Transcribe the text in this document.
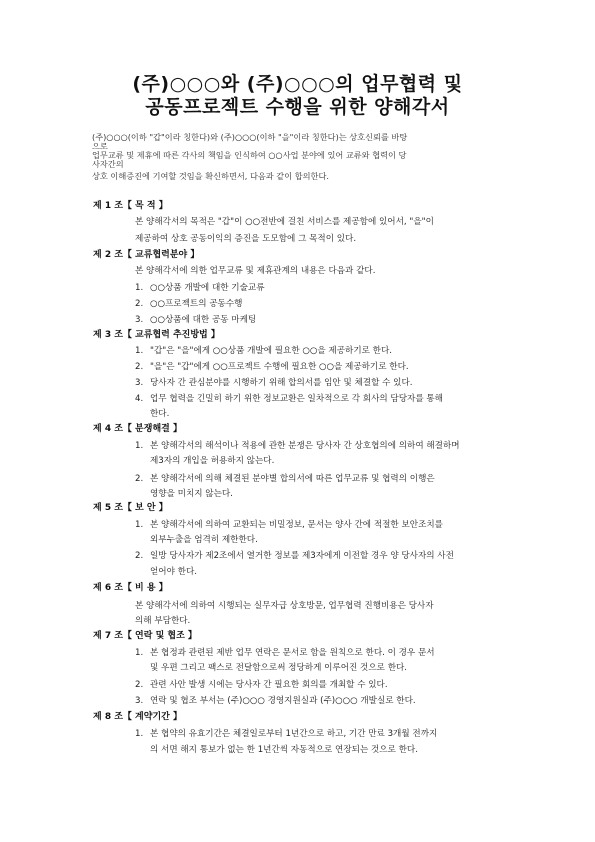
(주)○○○와 (주)○○○의 업무협력 및
공동프로젝트 수행을 위한 양해각서
(주)○○○(이하 "갑"이라 칭한다)와 (주)○○○(이하 "을"이라 칭한다)는 상호신뢰를 바탕
으로
업무교류 및 제휴에 따른 각사의 책임을 인식하여 ○○사업 분야에 있어 교류와 협력이 당
사자간의
상호 이해증진에 기여할 것임을 확신하면서, 다음과 같이 합의한다.
제 1 조【 목 적 】
본 양해각서의 목적은 "갑"이 ○○전반에 걸친 서비스를 제공함에 있어서, "을"이
제공하여 상호 공동이익의 증진을 도모함에 그 목적이 있다.
제 2 조【 교류협력분야 】
본 양해각서에 의한 업무교류 및 제휴관계의 내용은 다음과 같다.
1. ○○상품 개발에 대한 기술교류
2. ○○프로젝트의 공동수행
3. ○○상품에 대한 공동 마케팅
제 3 조【 교류협력 추진방법 】
1. "갑"은 "을"에게 ○○상품 개발에 필요한 ○○을 제공하기로 한다.
2. "을"은 "갑"에게 ○○프로젝트 수행에 필요한 ○○을 제공하기로 한다.
3. 당사자 간 관심분야를 시행하기 위해 합의서를 임안 및 체결할 수 있다.
4. 업무 협력을 긴밀히 하기 위한 정보교환은 일차적으로 각 회사의 담당자를 통해
한다.
제 4 조【 분쟁해결 】
1. 본 양해각서의 해석이나 적용에 관한 분쟁은 당사자 간 상호협의에 의하여 해결하며
제3자의 개입을 허용하지 않는다.
2. 본 양해각서에 의해 체결된 분야별 합의서에 따른 업무교류 및 협력의 이행은
영향을 미치지 않는다.
제 5 조【 보 안 】
1. 본 양해각서에 의하여 교환되는 비밀정보, 문서는 양사 간에 적절한 보안조치를
외부누출을 엄격히 제한한다.
2. 일방 당사자가 제2조에서 열거한 정보를 제3자에게 이전할 경우 양 당사자의 사전
얻어야 한다.
제 6 조【 비 용 】
본 양해각서에 의하여 시행되는 실무자급 상호방문, 업무협력 진행비용은 당사자
의해 부담한다.
제 7 조【 연락 및 협조 】
1. 본 협정과 관련된 제반 업무 연락은 문서로 함을 원칙으로 한다. 이 경우 문서
및 우편 그리고 팩스로 전달함으로써 정당하게 이루어진 것으로 한다.
2. 관련 사안 발생 시에는 당사자 간 필요한 회의를 개최할 수 있다.
3. 연락 및 협조 부서는 (주)○○○ 경영지원실과 (주)○○○ 개발실로 한다.
제 8 조【 계약기간 】
1. 본 협약의 유효기간은 체결일로부터 1년간으로 하고, 기간 만료 3개월 전까지
의 서면 해지 통보가 없는 한 1년간씩 자동적으로 연장되는 것으로 한다.
